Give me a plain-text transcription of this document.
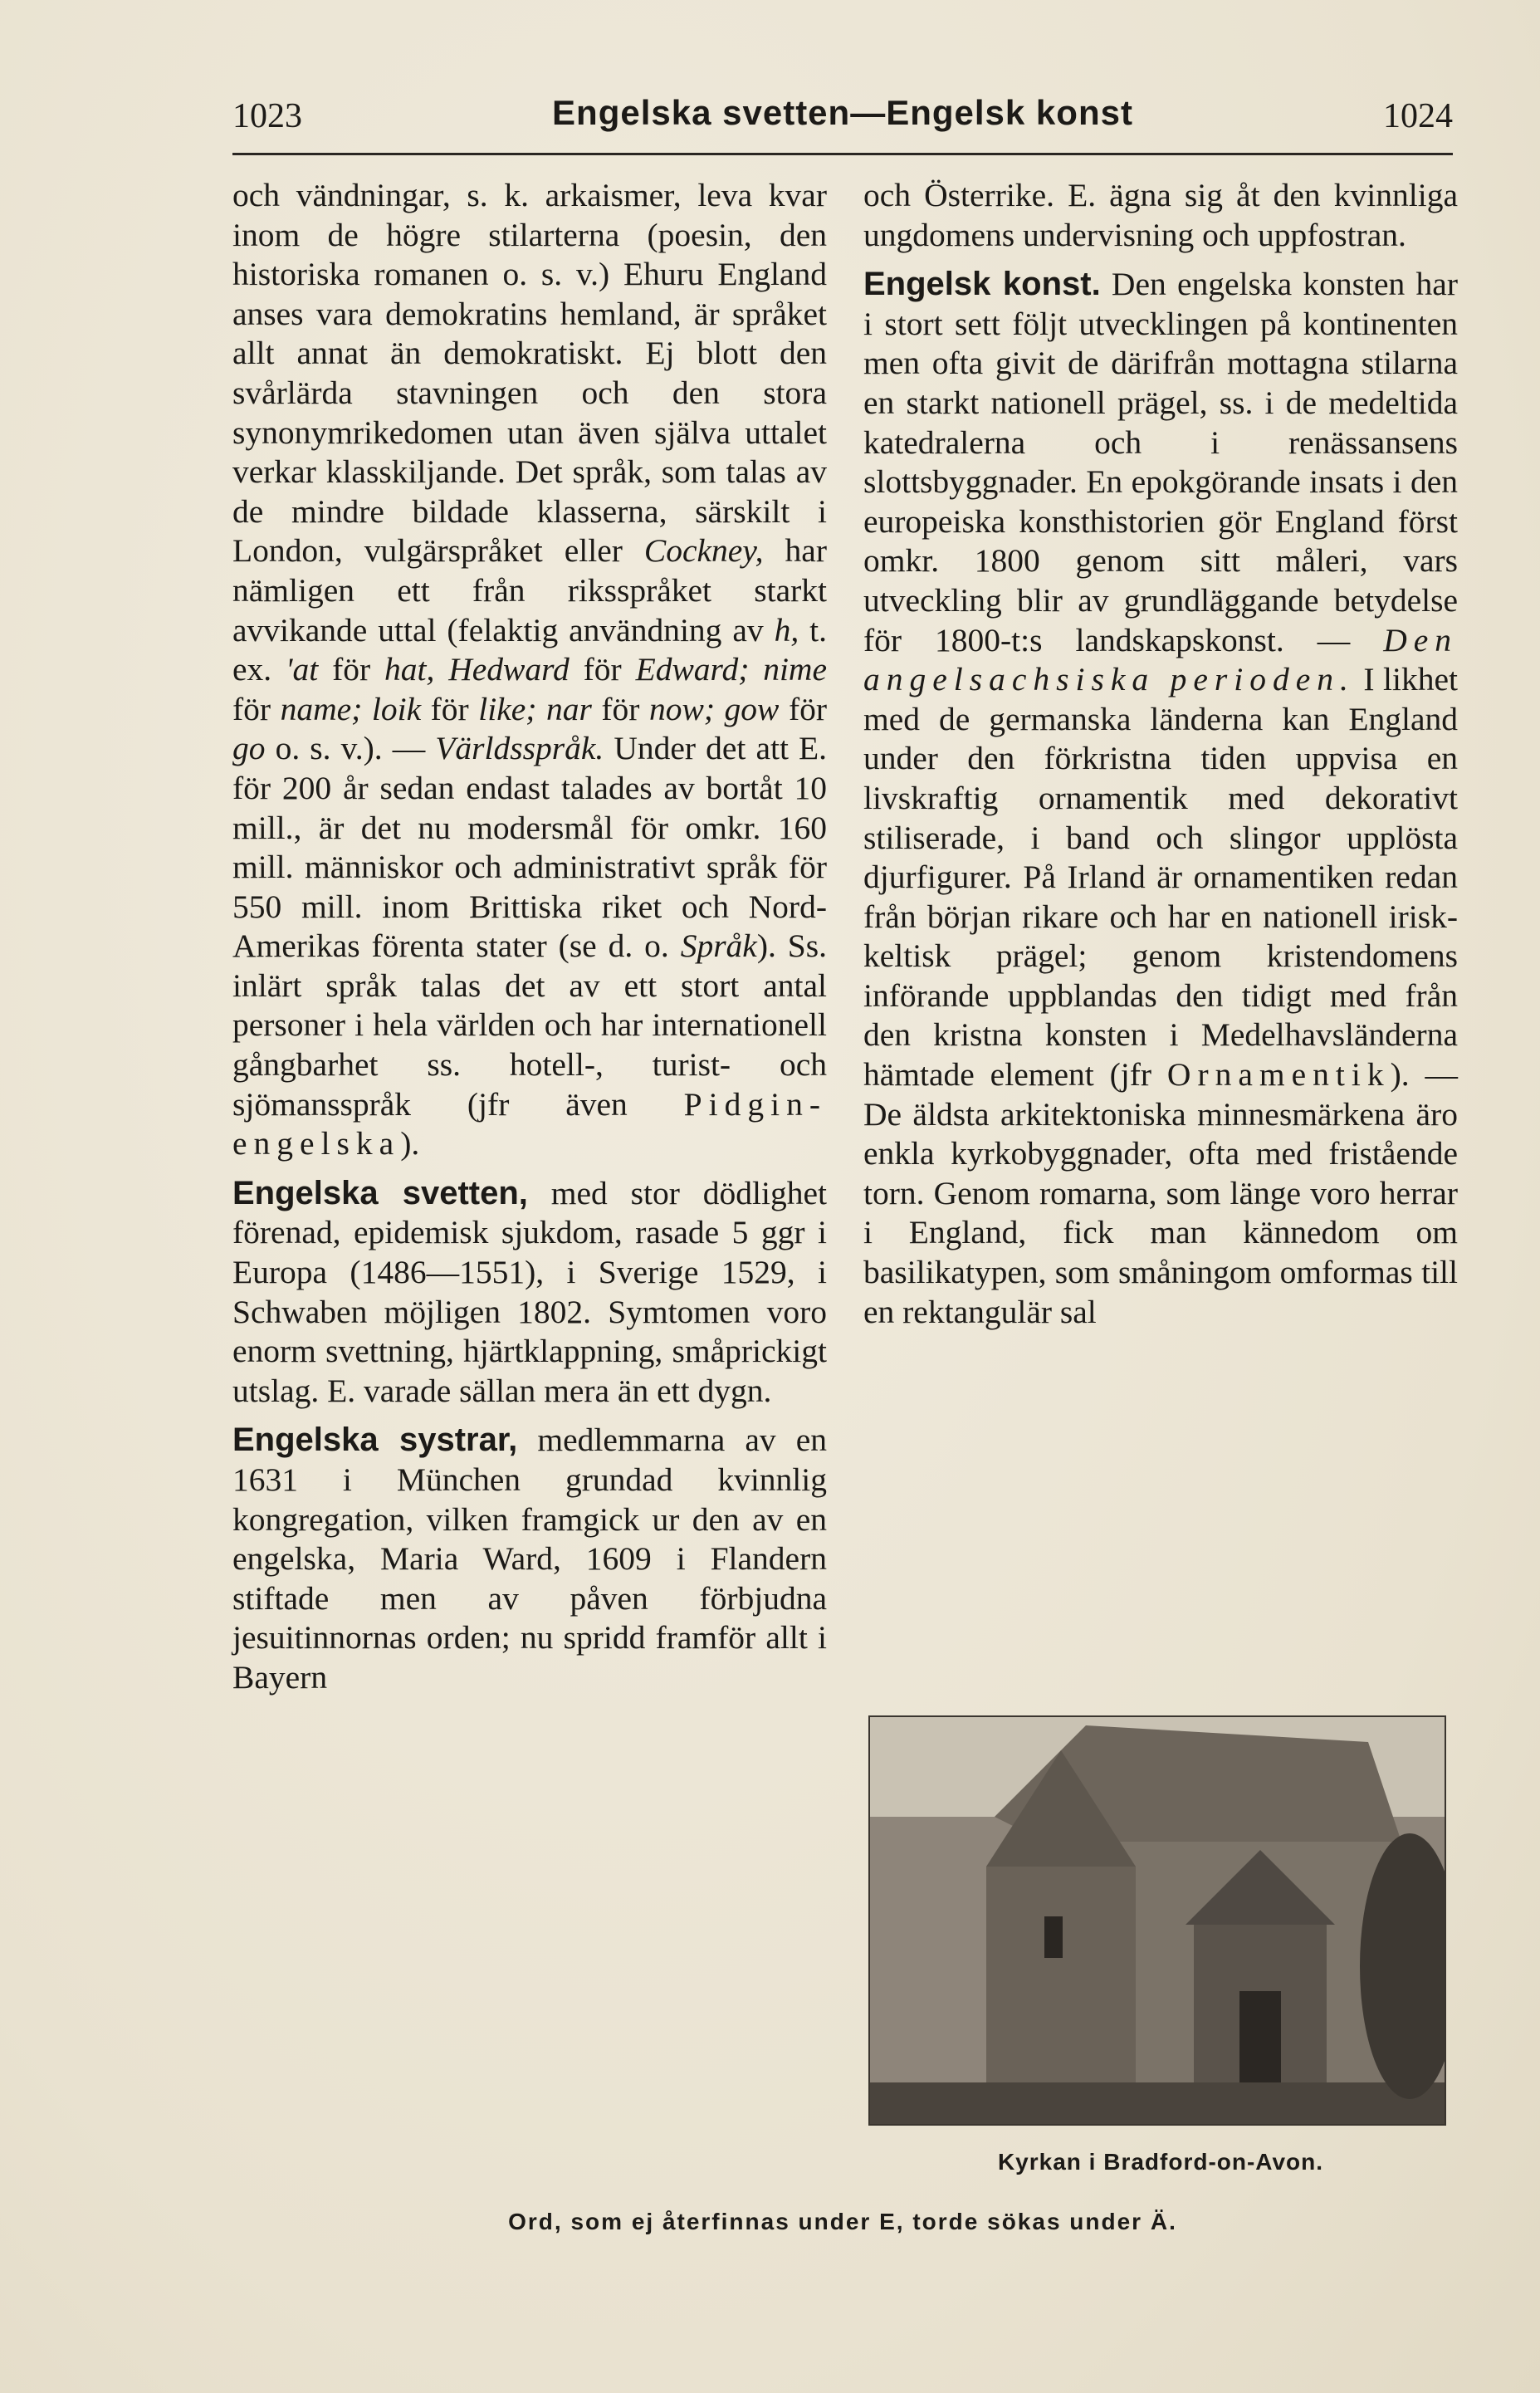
1023	Engelska svetten—Engelsk konst	1024

och vändningar, s. k. arkaismer, leva kvar inom de högre stilarterna (poesin, den historiska romanen o. s. v.) Ehuru England anses vara demokratins hemland, är språket allt annat än demokratiskt. Ej blott den svårlärda stavningen och den stora synonymrikedomen utan även själva uttalet verkar klasskiljande. Det språk, som talas av de mindre bildade klasserna, särskilt i London, vulgärspråket eller Cockney, har nämligen ett från riksspråket starkt avvikande uttal (felaktig användning av h, t. ex. 'at för hat, Hedward för Edward; nime för name; loik för like; nar för now; gow för go o. s. v.). — Världsspråk. Under det att E. för 200 år sedan endast talades av bortåt 10 mill., är det nu modersmål för omkr. 160 mill. människor och administrativt språk för 550 mill. inom Brittiska riket och Nord-Amerikas förenta stater (se d. o. Språk). Ss. inlärt språk talas det av ett stort antal personer i hela världen och har internationell gångbarhet ss. hotell-, turist- och sjömansspråk (jfr även Pidgin-engelska).

Engelska svetten, med stor dödlighet förenad, epidemisk sjukdom, rasade 5 ggr i Europa (1486—1551), i Sverige 1529, i Schwaben möjligen 1802. Symtomen voro enorm svettning, hjärtklappning, småprickigt utslag. E. varade sällan mera än ett dygn.

Engelska systrar, medlemmarna av en 1631 i München grundad kvinnlig kongregation, vilken framgick ur den av en engelska, Maria Ward, 1609 i Flandern stiftade men av påven förbjudna jesuitinnornas orden; nu spridd framför allt i Bayern

och Österrike. E. ägna sig åt den kvinnliga ungdomens undervisning och uppfostran.

Engelsk konst. Den engelska konsten har i stort sett följt utvecklingen på kontinenten men ofta givit de därifrån mottagna stilarna en starkt nationell prägel, ss. i de medeltida katedralerna och i renässansens slottsbyggnader. En epokgörande insats i den europeiska konsthistorien gör England först omkr. 1800 genom sitt måleri, vars utveckling blir av grundläggande betydelse för 1800-t:s landskapskonst. — Den angelsachsiska perioden. I likhet med de germanska länderna kan England under den förkristna tiden uppvisa en livskraftig ornamentik med dekorativt stiliserade, i band och slingor upplösta djurfigurer. På Irland är ornamentiken redan från början rikare och har en nationell irisk-keltisk prägel; genom kristendomens införande uppblandas den tidigt med från den kristna konsten i Medelhavsländerna hämtade element (jfr Ornamentik). — De äldsta arkitektoniska minnesmärkena äro enkla kyrkobyggnader, ofta med fristående torn. Genom romarna, som länge voro herrar i England, fick man kännedom om basilikatypen, som småningom omformas till en rektangulär sal

Kyrkan i Bradford-on-Avon.
Ord, som ej återfinnas under E, torde sökas under Ä.
